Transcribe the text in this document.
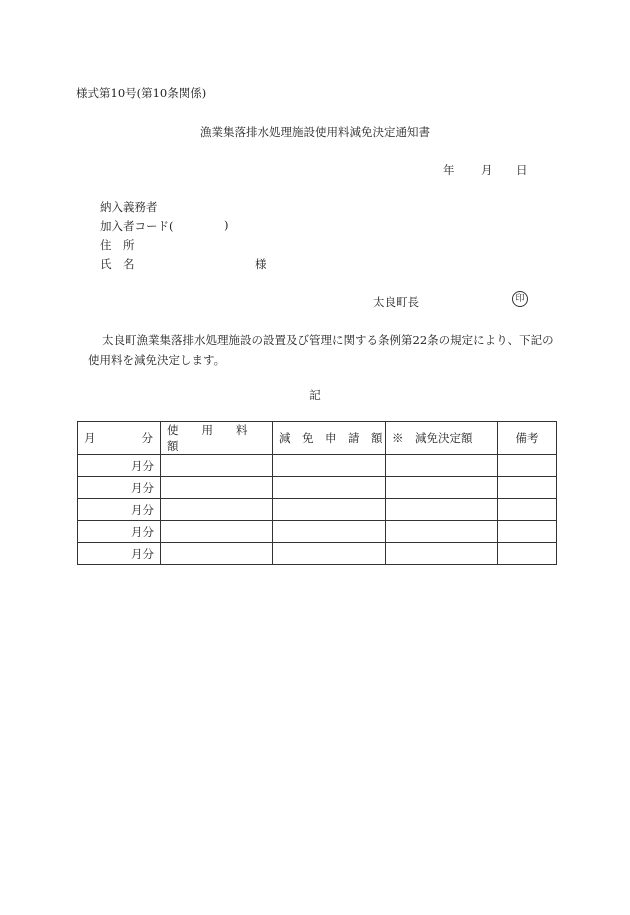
様式第10号(第10条関係)
漁業集落排水処理施設使用料減免決定通知書
年 月 日
納入義務者
加入者コード(	)
住　所
氏　名	様
太良町長	印
太良町漁業集落排水処理施設の設置及び管理に関する条例第22条の規定により、下記の使用料を減免決定します。
記
月　　　　分	使　　用　　料　　額	減　免　申　請　額	※　減免決定額	備考
月分				
月分				
月分				
月分				
月分				
